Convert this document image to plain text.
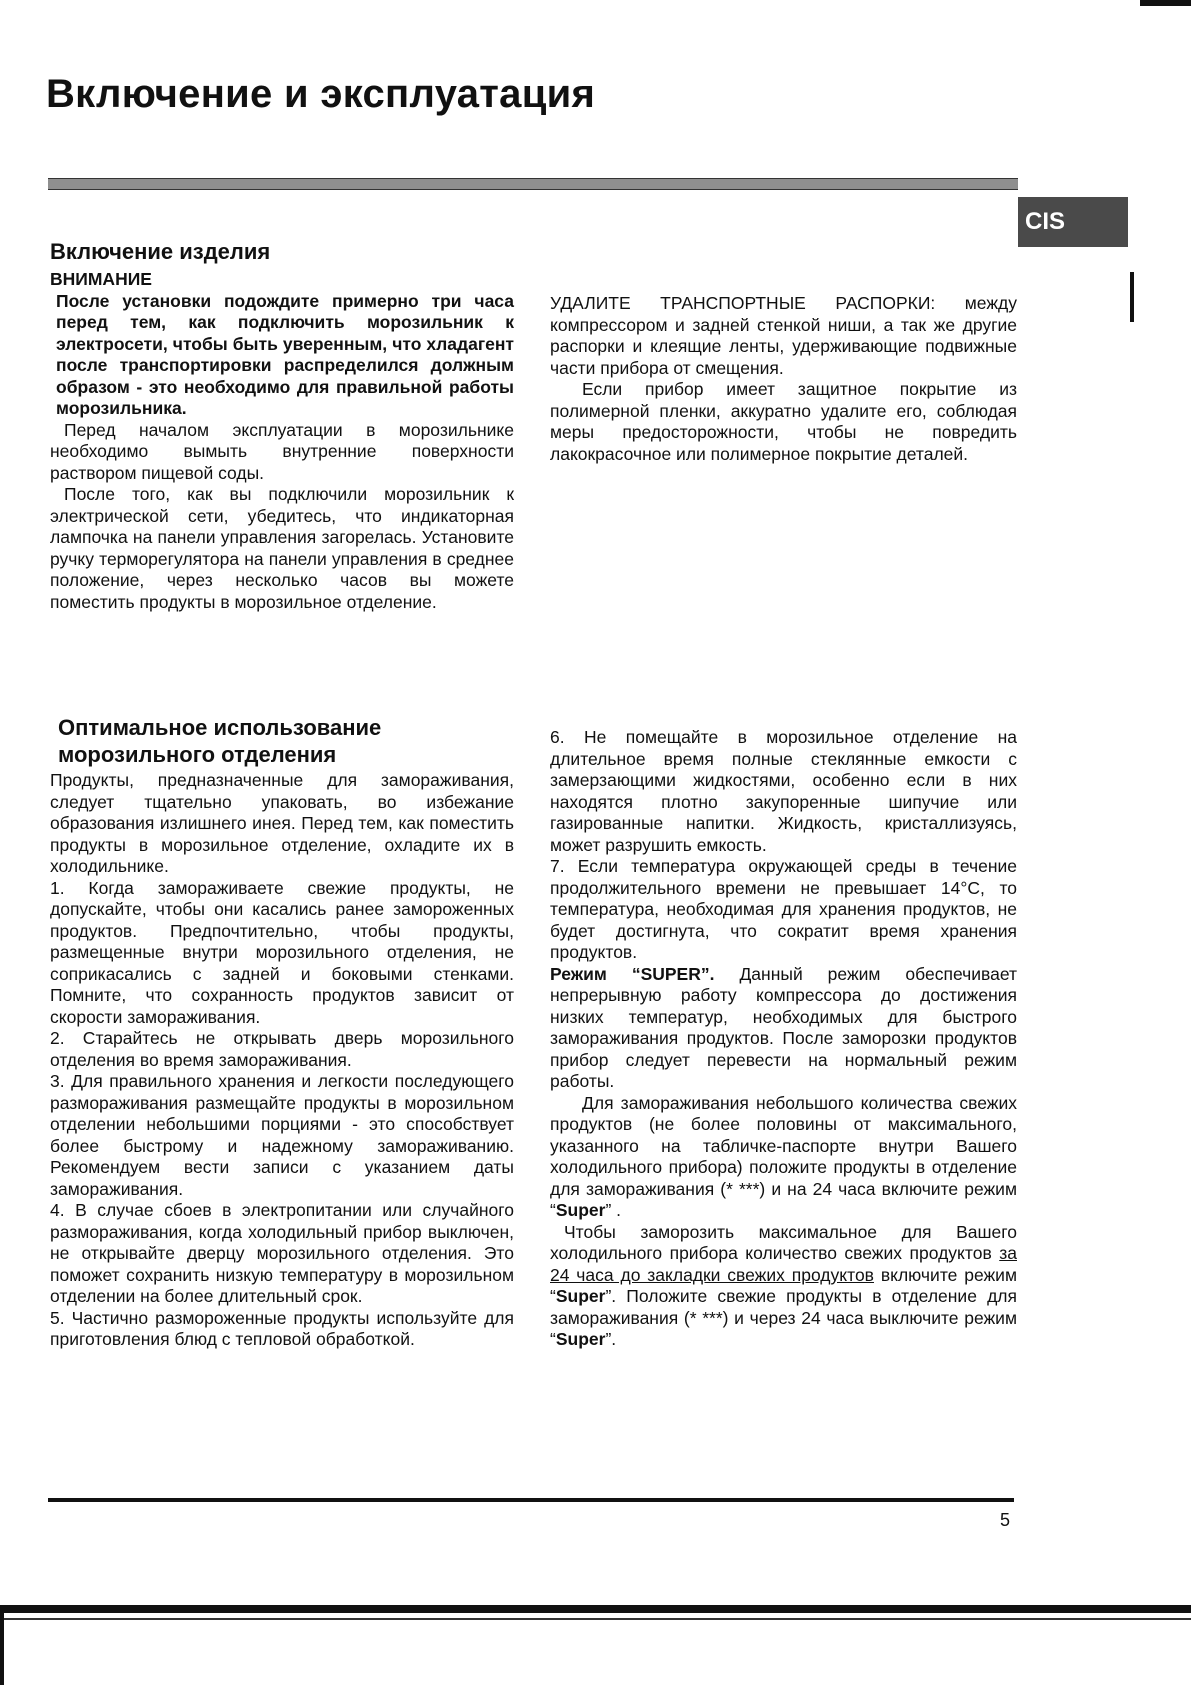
Включение и эксплуатация
CIS
Включение изделия
ВНИМАНИЕ

После установки подождите примерно три часа перед тем, как подключить морозильник к электросети, чтобы быть уверенным, что хладагент после транспортировки распределился должным образом - это необходимо для правильной работы морозильника.

Перед началом эксплуатации в морозильнике необходимо вымыть внутренние поверхности раствором пищевой соды.

После того, как вы подключили морозильник к электрической сети, убедитесь, что индикаторная лампочка на панели управления загорелась. Установите ручку терморегулятора на панели управления в среднее положение, через несколько часов вы можете поместить продукты в морозильное отделение.

УДАЛИТЕ ТРАНСПОРТНЫЕ РАСПОРКИ: между компрессором и задней стенкой ниши, а так же другие распорки и клеящие ленты, удерживающие подвижные части прибора от смещения.

Если прибор имеет защитное покрытие из полимерной пленки, аккуратно удалите его, соблюдая меры предосторожности, чтобы не повредить лакокрасочное или полимерное покрытие деталей.

Оптимальное использование
морозильного отделения

Продукты, предназначенные для замораживания, следует тщательно упаковать, во избежание образования излишнего инея. Перед тем, как поместить продукты в морозильное отделение, охладите их в холодильнике.

1. Когда замораживаете свежие продукты, не допускайте, чтобы они касались ранее замороженных продуктов. Предпочтительно, чтобы продукты, размещенные внутри морозильного отделения, не соприкасались с задней и боковыми стенками. Помните, что сохранность продуктов зависит от скорости замораживания.

2. Старайтесь не открывать дверь морозильного отделения во время замораживания.

3. Для правильного хранения и легкости последующего размораживания размещайте продукты в морозильном отделении небольшими порциями - это способствует более быстрому и надежному замораживанию. Рекомендуем вести записи с указанием даты замораживания.

4. В случае сбоев в электропитании или случайного размораживания, когда холодильный прибор выключен, не открывайте дверцу морозильного отделения. Это поможет сохранить низкую температуру в морозильном отделении на более длительный срок.

5. Частично размороженные продукты используйте для приготовления блюд с тепловой обработкой.

6. Не помещайте в морозильное отделение на длительное время полные стеклянные емкости с замерзающими жидкостями, особенно если в них находятся плотно закупоренные шипучие или газированные напитки. Жидкость, кристаллизуясь, может разрушить емкость.

7. Если температура окружающей среды в течение продолжительного времени не превышает 14°С, то температура, необходимая для хранения продуктов, не будет достигнута, что сократит время хранения продуктов.

Режим “SUPER”. Данный режим обеспечивает непрерывную работу компрессора до достижения низких температур, необходимых для быстрого замораживания продуктов. После заморозки продуктов прибор следует перевести на нормальный режим работы.

Для замораживания небольшого количества свежих продуктов (не более половины от максимального, указанного на табличке-паспорте внутри Вашего холодильного прибора) положите продукты в отделение для замораживания (* ***) и на 24 часа включите режим “Super” .

Чтобы заморозить максимальное для Вашего холодильного прибора количество свежих продуктов за 24 часа до закладки свежих продуктов включите режим “Super”. Положите свежие продукты в отделение для замораживания (* ***) и через 24 часа выключите режим “Super”.

5
